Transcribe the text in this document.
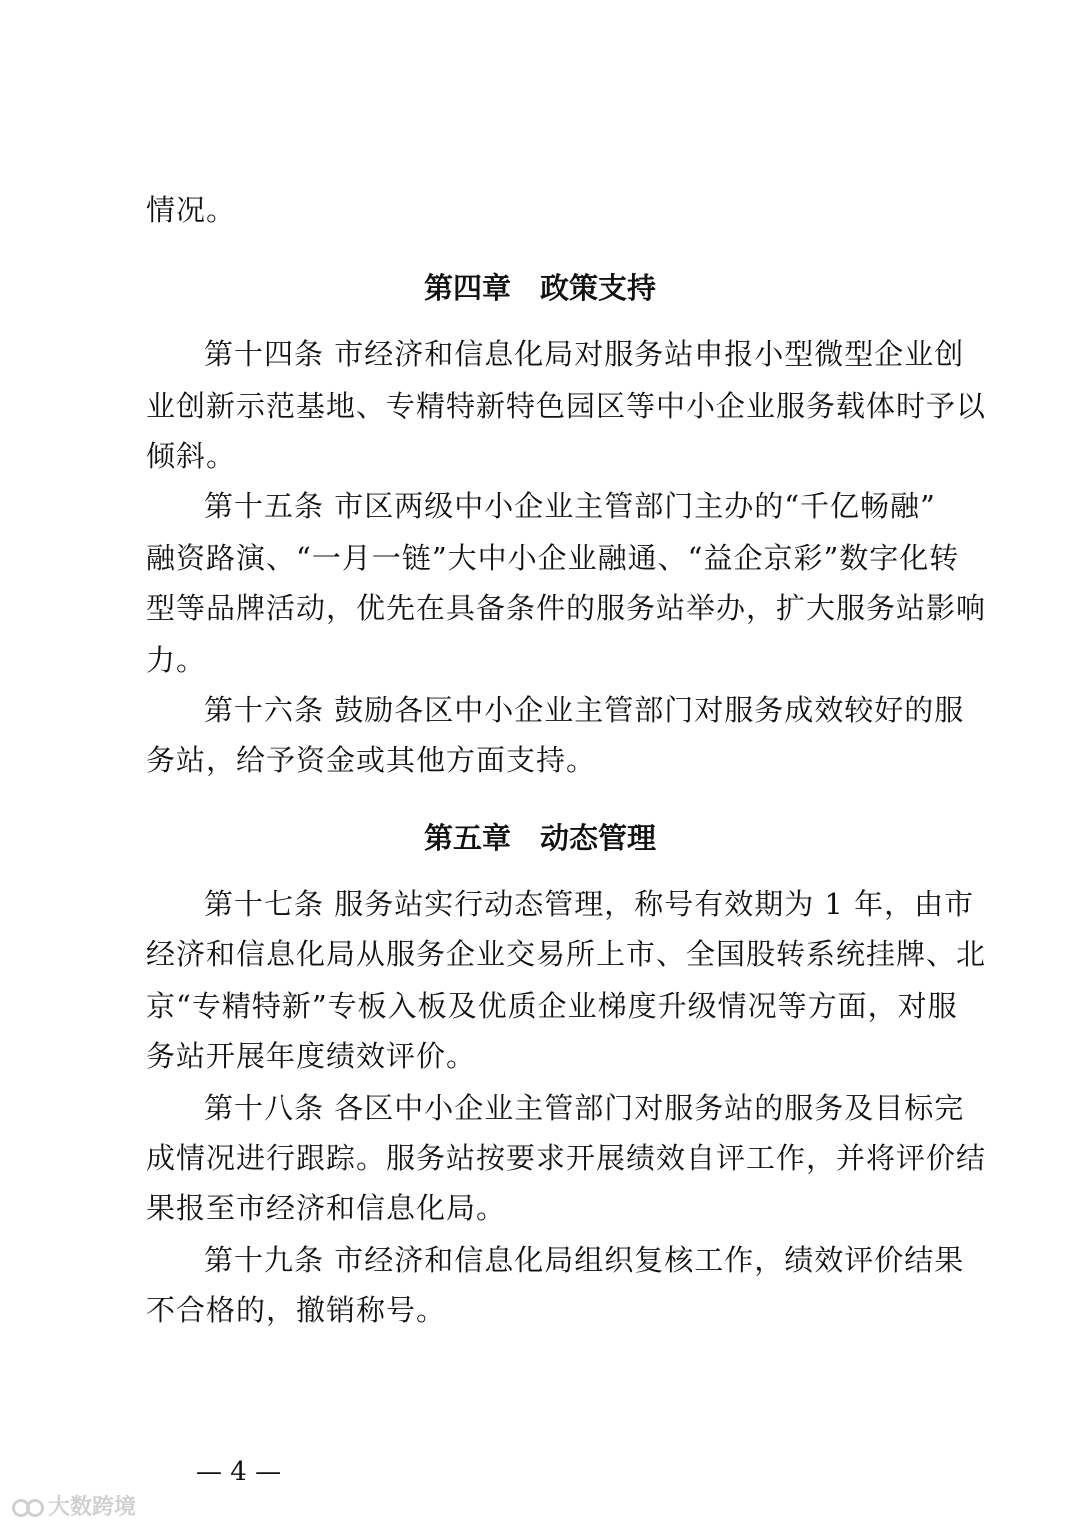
情况。
第四章　政策支持
第十四条 市经济和信息化局对服务站申报小型微型企业创
业创新示范基地、专精特新特色园区等中小企业服务载体时予以
倾斜。
第十五条 市区两级中小企业主管部门主办的“千亿畅融”
融资路演、“一月一链”大中小企业融通、“益企京彩”数字化转
型等品牌活动，优先在具备条件的服务站举办，扩大服务站影响
力。
第十六条 鼓励各区中小企业主管部门对服务成效较好的服
务站，给予资金或其他方面支持。
第五章　动态管理
第十七条 服务站实行动态管理，称号有效期为 1 年，由市
经济和信息化局从服务企业交易所上市、全国股转系统挂牌、北
京“专精特新”专板入板及优质企业梯度升级情况等方面，对服
务站开展年度绩效评价。
第十八条 各区中小企业主管部门对服务站的服务及目标完
成情况进行跟踪。服务站按要求开展绩效自评工作，并将评价结
果报至市经济和信息化局。
第十九条 市经济和信息化局组织复核工作，绩效评价结果
不合格的，撤销称号。
— 4 —
大数跨境
